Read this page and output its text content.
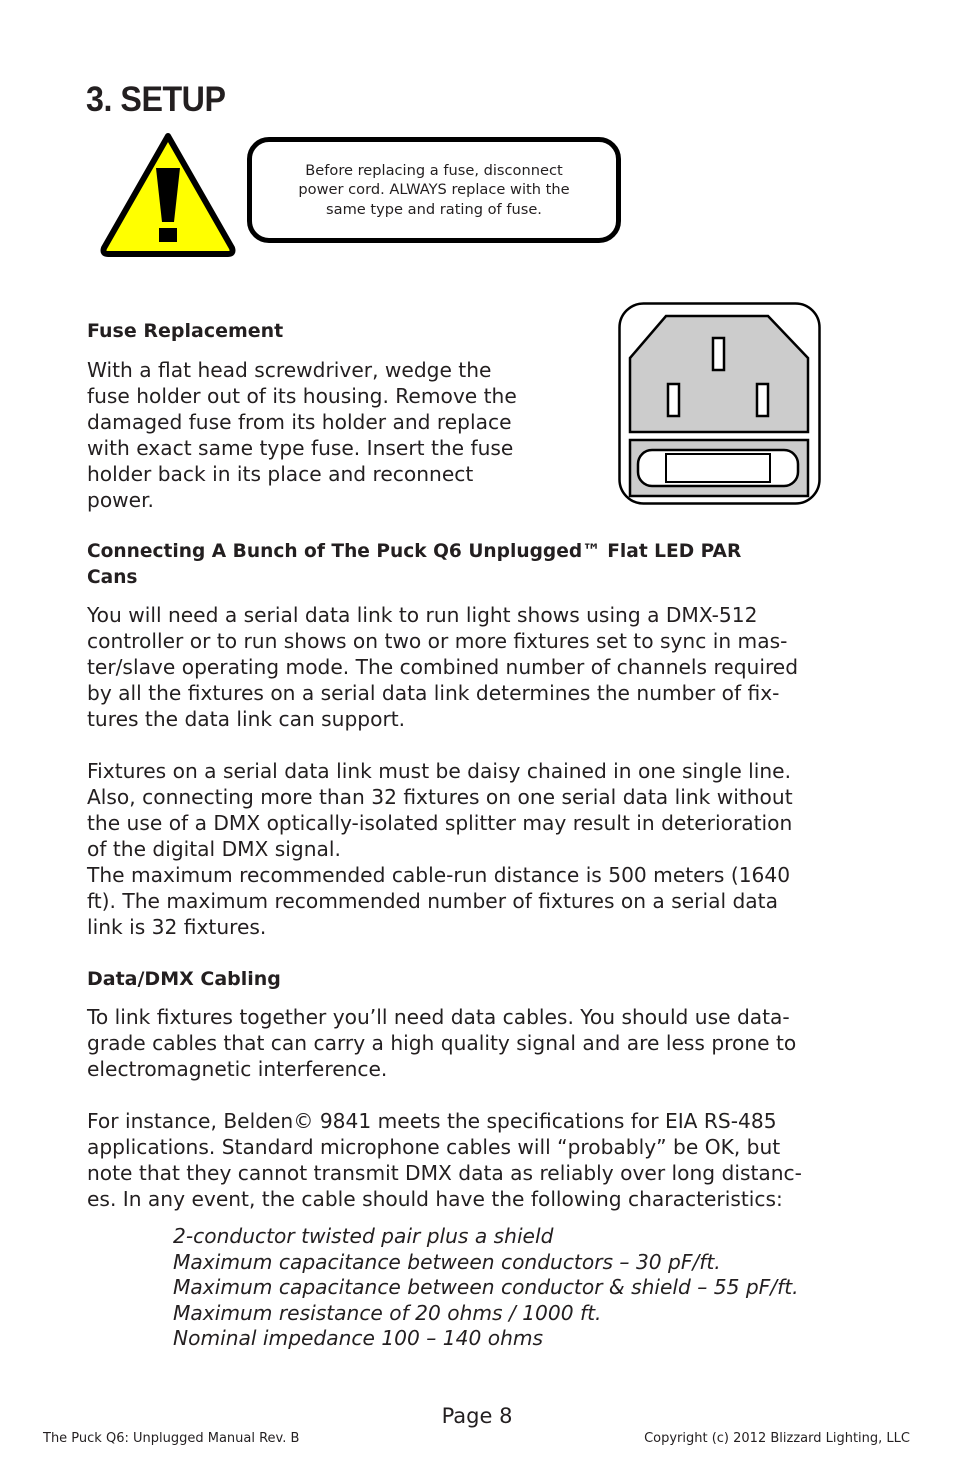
3. SETUP
Before replacing a fuse, disconnect
power cord. ALWAYS replace with the
same type and rating of fuse.
Fuse Replacement
With a flat head screwdriver, wedge the
fuse holder out of its housing. Remove the
damaged fuse from its holder and replace
with exact same type fuse. Insert the fuse
holder back in its place and reconnect
power.
Connecting A Bunch of The Puck Q6 Unplugged™ Flat LED PAR
Cans
You will need a serial data link to run light shows using a DMX-512
controller or to run shows on two or more fixtures set to sync in mas-
ter/slave operating mode. The combined number of channels required
by all the fixtures on a serial data link determines the number of fix-
tures the data link can support.
Fixtures on a serial data link must be daisy chained in one single line.
Also, connecting more than 32 fixtures on one serial data link without
the use of a DMX optically-isolated splitter may result in deterioration
of the digital DMX signal.
The maximum recommended cable-run distance is 500 meters (1640
ft). The maximum recommended number of fixtures on a serial data
link is 32 fixtures.
Data/DMX Cabling
To link fixtures together you’ll need data cables. You should use data-
grade cables that can carry a high quality signal and are less prone to
electromagnetic interference.
For instance, Belden© 9841 meets the specifications for EIA RS-485
applications. Standard microphone cables will “probably” be OK, but
note that they cannot transmit DMX data as reliably over long distanc-
es. In any event, the cable should have the following characteristics:
2-conductor twisted pair plus a shield
Maximum capacitance between conductors – 30 pF/ft.
Maximum capacitance between conductor & shield – 55 pF/ft.
Maximum resistance of 20 ohms / 1000 ft.
Nominal impedance 100 – 140 ohms
Page 8
The Puck Q6: Unplugged Manual Rev. B	Copyright (c) 2012 Blizzard Lighting, LLC
